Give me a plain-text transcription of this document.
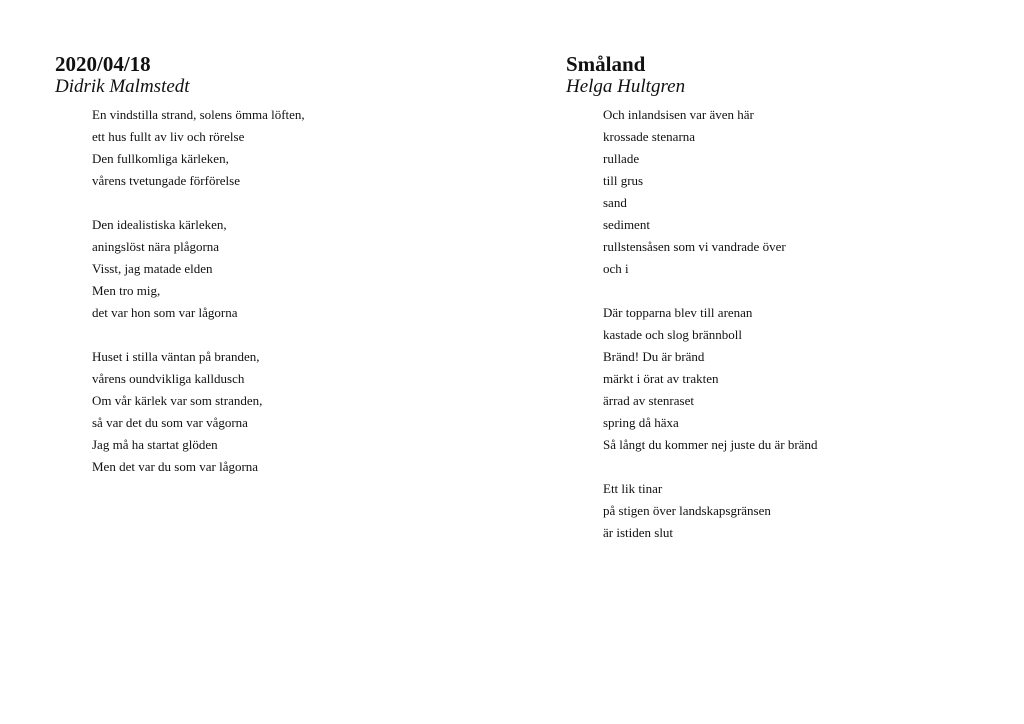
2020/04/18
Didrik Malmstedt
En vindstilla strand, solens ömma löften,
ett hus fullt av liv och rörelse
Den fullkomliga kärleken,
vårens tvetungade förförelse
Den idealistiska kärleken,
aningslöst nära plågorna
Visst, jag matade elden
Men tro mig,
det var hon som var lågorna
Huset i stilla väntan på branden,
vårens oundvikliga kalldusch
Om vår kärlek var som stranden,
så var det du som var vågorna
Jag må ha startat glöden
Men det var du som var lågorna
Småland
Helga Hultgren
Och inlandsisen var även här
krossade stenarna
rullade
till grus
sand
sediment
rullstensåsen som vi vandrade över
och i
Där topparna blev till arenan
kastade och slog brännboll
Bränd! Du är bränd
märkt i örat av trakten
ärrad av stenraset
spring då häxa
Så långt du kommer nej juste du är bränd
Ett lik tinar
på stigen över landskapsgränsen
är istiden slut
